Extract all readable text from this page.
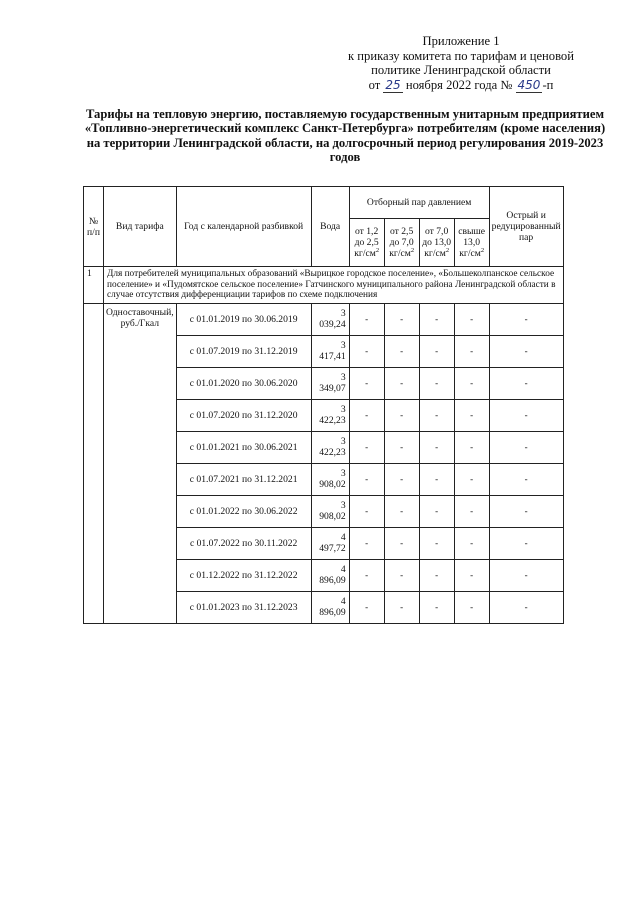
Приложение 1
к приказу комитета по тарифам и ценовой
политике Ленинградской области
от 25 ноября 2022 года № 450 -п
Тарифы на тепловую энергию, поставляемую государственным унитарным предприятием «Топливно-энергетический комплекс Санкт-Петербурга» потребителям (кроме населения) на территории Ленинградской области, на долгосрочный период регулирования 2019-2023 годов
№ п/п	Вид тарифа	Год с календарной разбивкой	Вода	Отборный пар давлением				Острый и редуцированный пар
				от 1,2 до 2,5 $кг/см^2$	от 2,5 до 7,0 $кг/см^2$	от 7,0 до 13,0 $кг/см^2$	свыше 13,0 $кг/см^2$
1	Для потребителей муниципальных образований «Вырицкое городское поселение», «Большеколпанское сельское поселение» и «Пудомятское сельское поселение» Гатчинского муниципального района Ленинградской области в случае отсутствия дифференциации тарифов по схеме подключения							
	Одноставочный, руб./Гкал	с 01.01.2019 по 30.06.2019	3 039,24	-	-	-	-	-
		с 01.07.2019 по 31.12.2019	3 417,41	-	-	-	-	-
		с 01.01.2020 по 30.06.2020	3 349,07	-	-	-	-	-
		с 01.07.2020 по 31.12.2020	3 422,23	-	-	-	-	-
		с 01.01.2021 по 30.06.2021	3 422,23	-	-	-	-	-
		с 01.07.2021 по 31.12.2021	3 908,02	-	-	-	-	-
		с 01.01.2022 по 30.06.2022	3 908,02	-	-	-	-	-
		с 01.07.2022 по 30.11.2022	4 497,72	-	-	-	-	-
		с 01.12.2022 по 31.12.2022	4 896,09	-	-	-	-	-
		с 01.01.2023 по 31.12.2023	4 896,09	-	-	-	-	-
